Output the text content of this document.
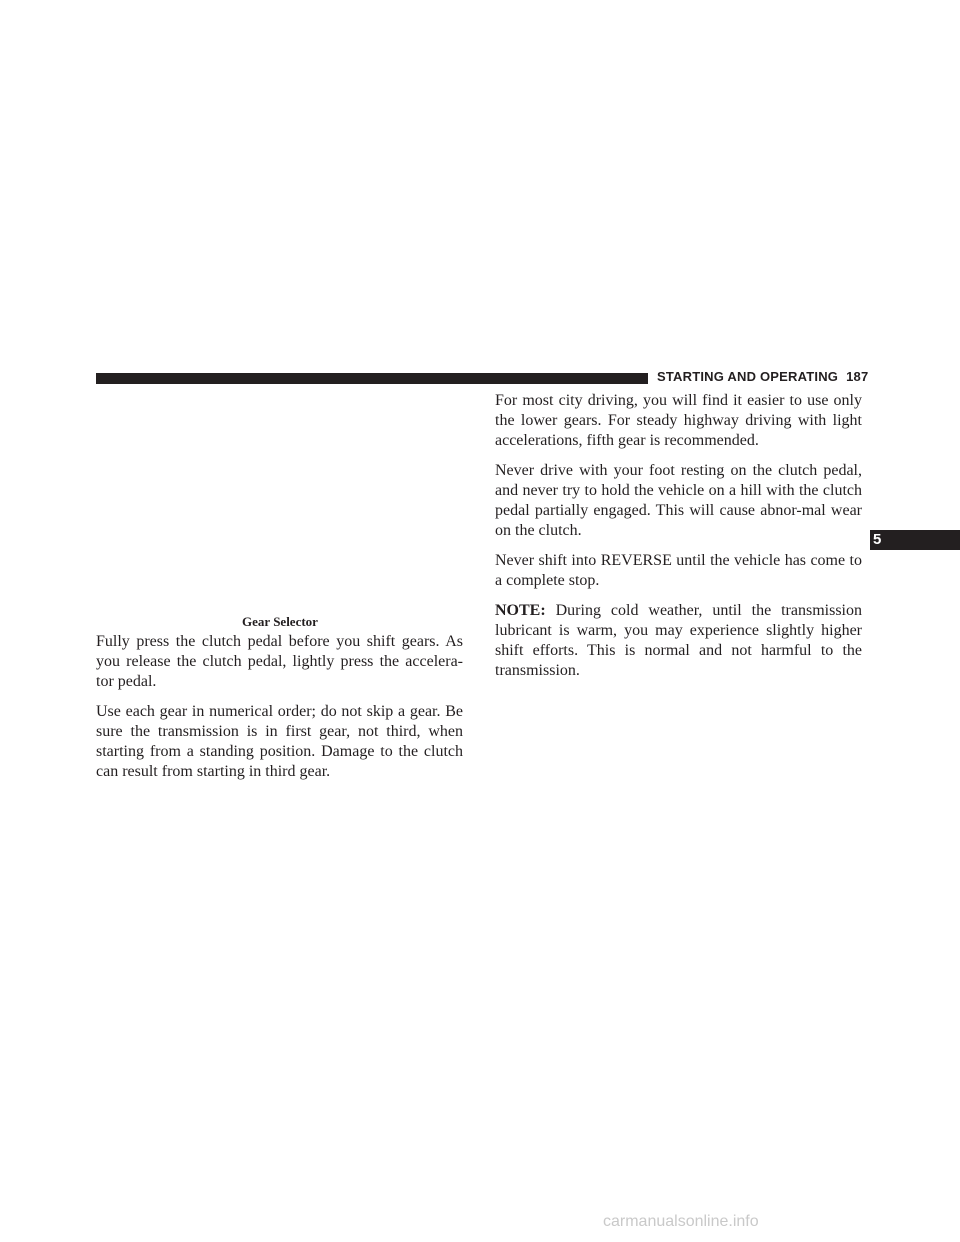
STARTING AND OPERATING 187
Gear Selector

Fully press the clutch pedal before you shift gears. As you release the clutch pedal, lightly press the accelera-tor pedal.

Use each gear in numerical order; do not skip a gear. Be sure the transmission is in first gear, not third, when starting from a standing position. Damage to the clutch can result from starting in third gear.

For most city driving, you will find it easier to use only the lower gears. For steady highway driving with light accelerations, fifth gear is recommended.

Never drive with your foot resting on the clutch pedal, and never try to hold the vehicle on a hill with the clutch pedal partially engaged. This will cause abnor-mal wear on the clutch.

Never shift into REVERSE until the vehicle has come to a complete stop.

NOTE: During cold weather, until the transmission lubricant is warm, you may experience slightly higher shift efforts. This is normal and not harmful to the transmission.

5
carmanualsonline.info
